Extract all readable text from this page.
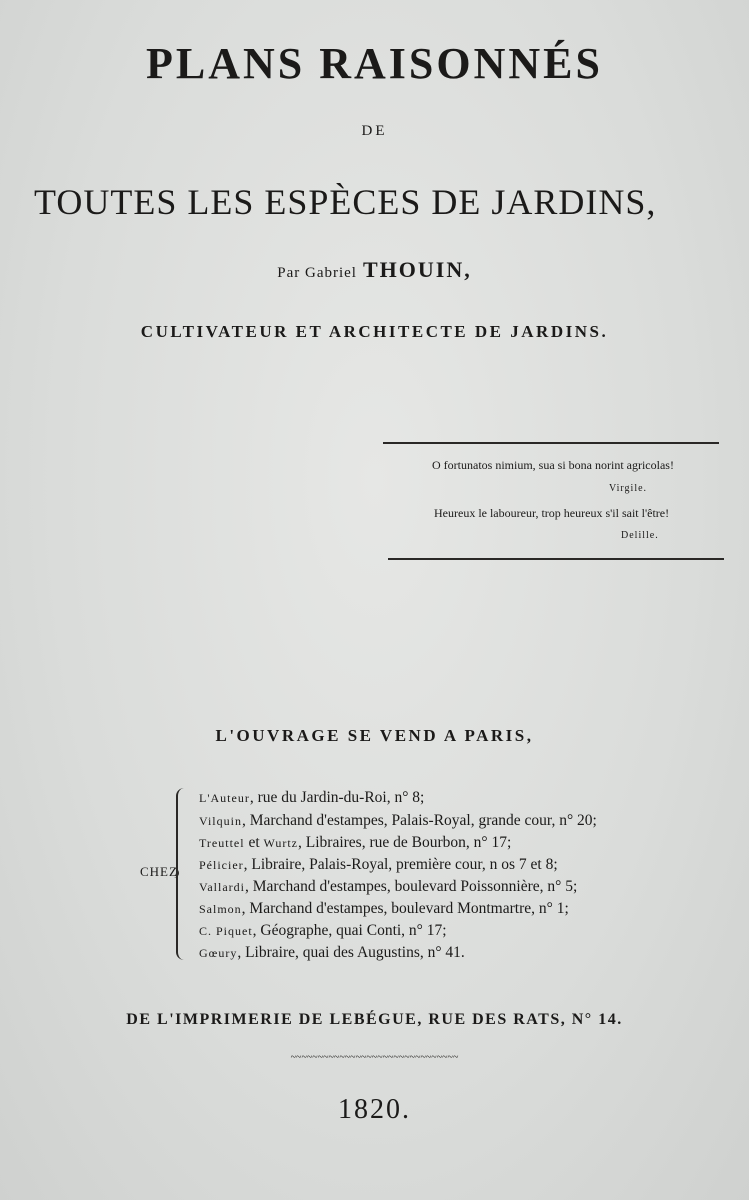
PLANS RAISONNÉS
DE
TOUTES LES ESPÈCES DE JARDINS,
Par Gabriel THOUIN,
CULTIVATEUR ET ARCHITECTE DE JARDINS.
O fortunatos nimium, sua si bona norint agricolas!
Virgile.
Heureux le laboureur, trop heureux s'il sait l'être!
Delille.
L'OUVRAGE SE VEND A PARIS,
CHEZ
L'Auteur, rue du Jardin-du-Roi, n° 8;
Vilquin, Marchand d'estampes, Palais-Royal, grande cour, n° 20;
Treuttel et Wurtz, Libraires, rue de Bourbon, n° 17;
Pélicier, Libraire, Palais-Royal, première cour, n os 7 et 8;
Vallardi, Marchand d'estampes, boulevard Poissonnière, n° 5;
Salmon, Marchand d'estampes, boulevard Montmartre, n° 1;
C. Piquet, Géographe, quai Conti, n° 17;
Gœury, Libraire, quai des Augustins, n° 41.
DE L'IMPRIMERIE DE LEBÉGUE, RUE DES RATS, N° 14.
~~~~~~~~~~~~~~~~~~~~~~~~~~~~~~~
1820.
